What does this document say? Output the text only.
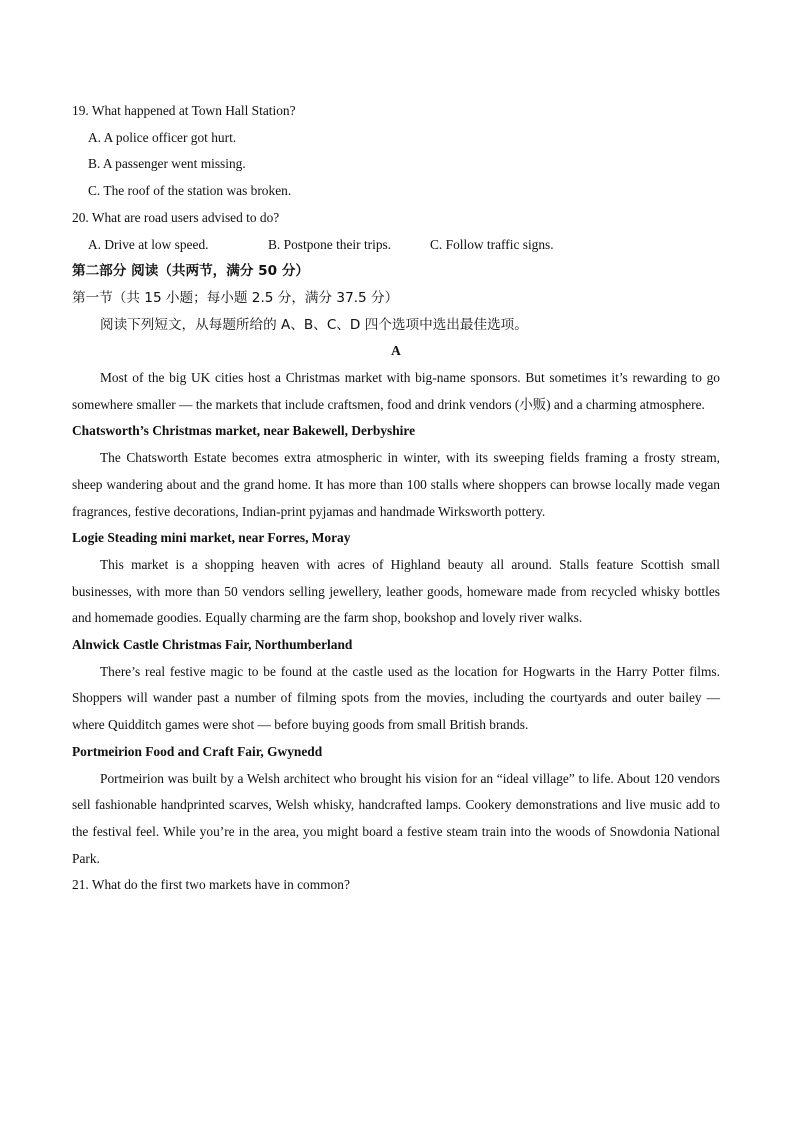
19. What happened at Town Hall Station?
A. A police officer got hurt.
B. A passenger went missing.
C. The roof of the station was broken.
20. What are road users advised to do?
A. Drive at low speed.	B. Postpone their trips.	C. Follow traffic signs.
第二部分 阅读（共两节，满分 50 分）
第一节（共 15 小题；每小题 2.5 分，满分 37.5 分）
阅读下列短文，从每题所给的 A、B、C、D 四个选项中选出最佳选项。
A

Most of the big UK cities host a Christmas market with big-name sponsors. But sometimes it’s rewarding to go somewhere smaller — the markets that include craftsmen, food and drink vendors (小贩) and a charming atmosphere.

Chatsworth’s Christmas market, near Bakewell, Derbyshire

The Chatsworth Estate becomes extra atmospheric in winter, with its sweeping fields framing a frosty stream, sheep wandering about and the grand home. It has more than 100 stalls where shoppers can browse locally made vegan fragrances, festive decorations, Indian-print pyjamas and handmade Wirksworth pottery.

Logie Steading mini market, near Forres, Moray

This market is a shopping heaven with acres of Highland beauty all around. Stalls feature Scottish small businesses, with more than 50 vendors selling jewellery, leather goods, homeware made from recycled whisky bottles and homemade goodies. Equally charming are the farm shop, bookshop and lovely river walks.

Alnwick Castle Christmas Fair, Northumberland

There’s real festive magic to be found at the castle used as the location for Hogwarts in the Harry Potter films. Shoppers will wander past a number of filming spots from the movies, including the courtyards and outer bailey — where Quidditch games were shot — before buying goods from small British brands.

Portmeirion Food and Craft Fair, Gwynedd

Portmeirion was built by a Welsh architect who brought his vision for an “ideal village” to life. About 120 vendors sell fashionable handprinted scarves, Welsh whisky, handcrafted lamps. Cookery demonstrations and live music add to the festival feel. While you’re in the area, you might board a festive steam train into the woods of Snowdonia National Park.

21. What do the first two markets have in common?
